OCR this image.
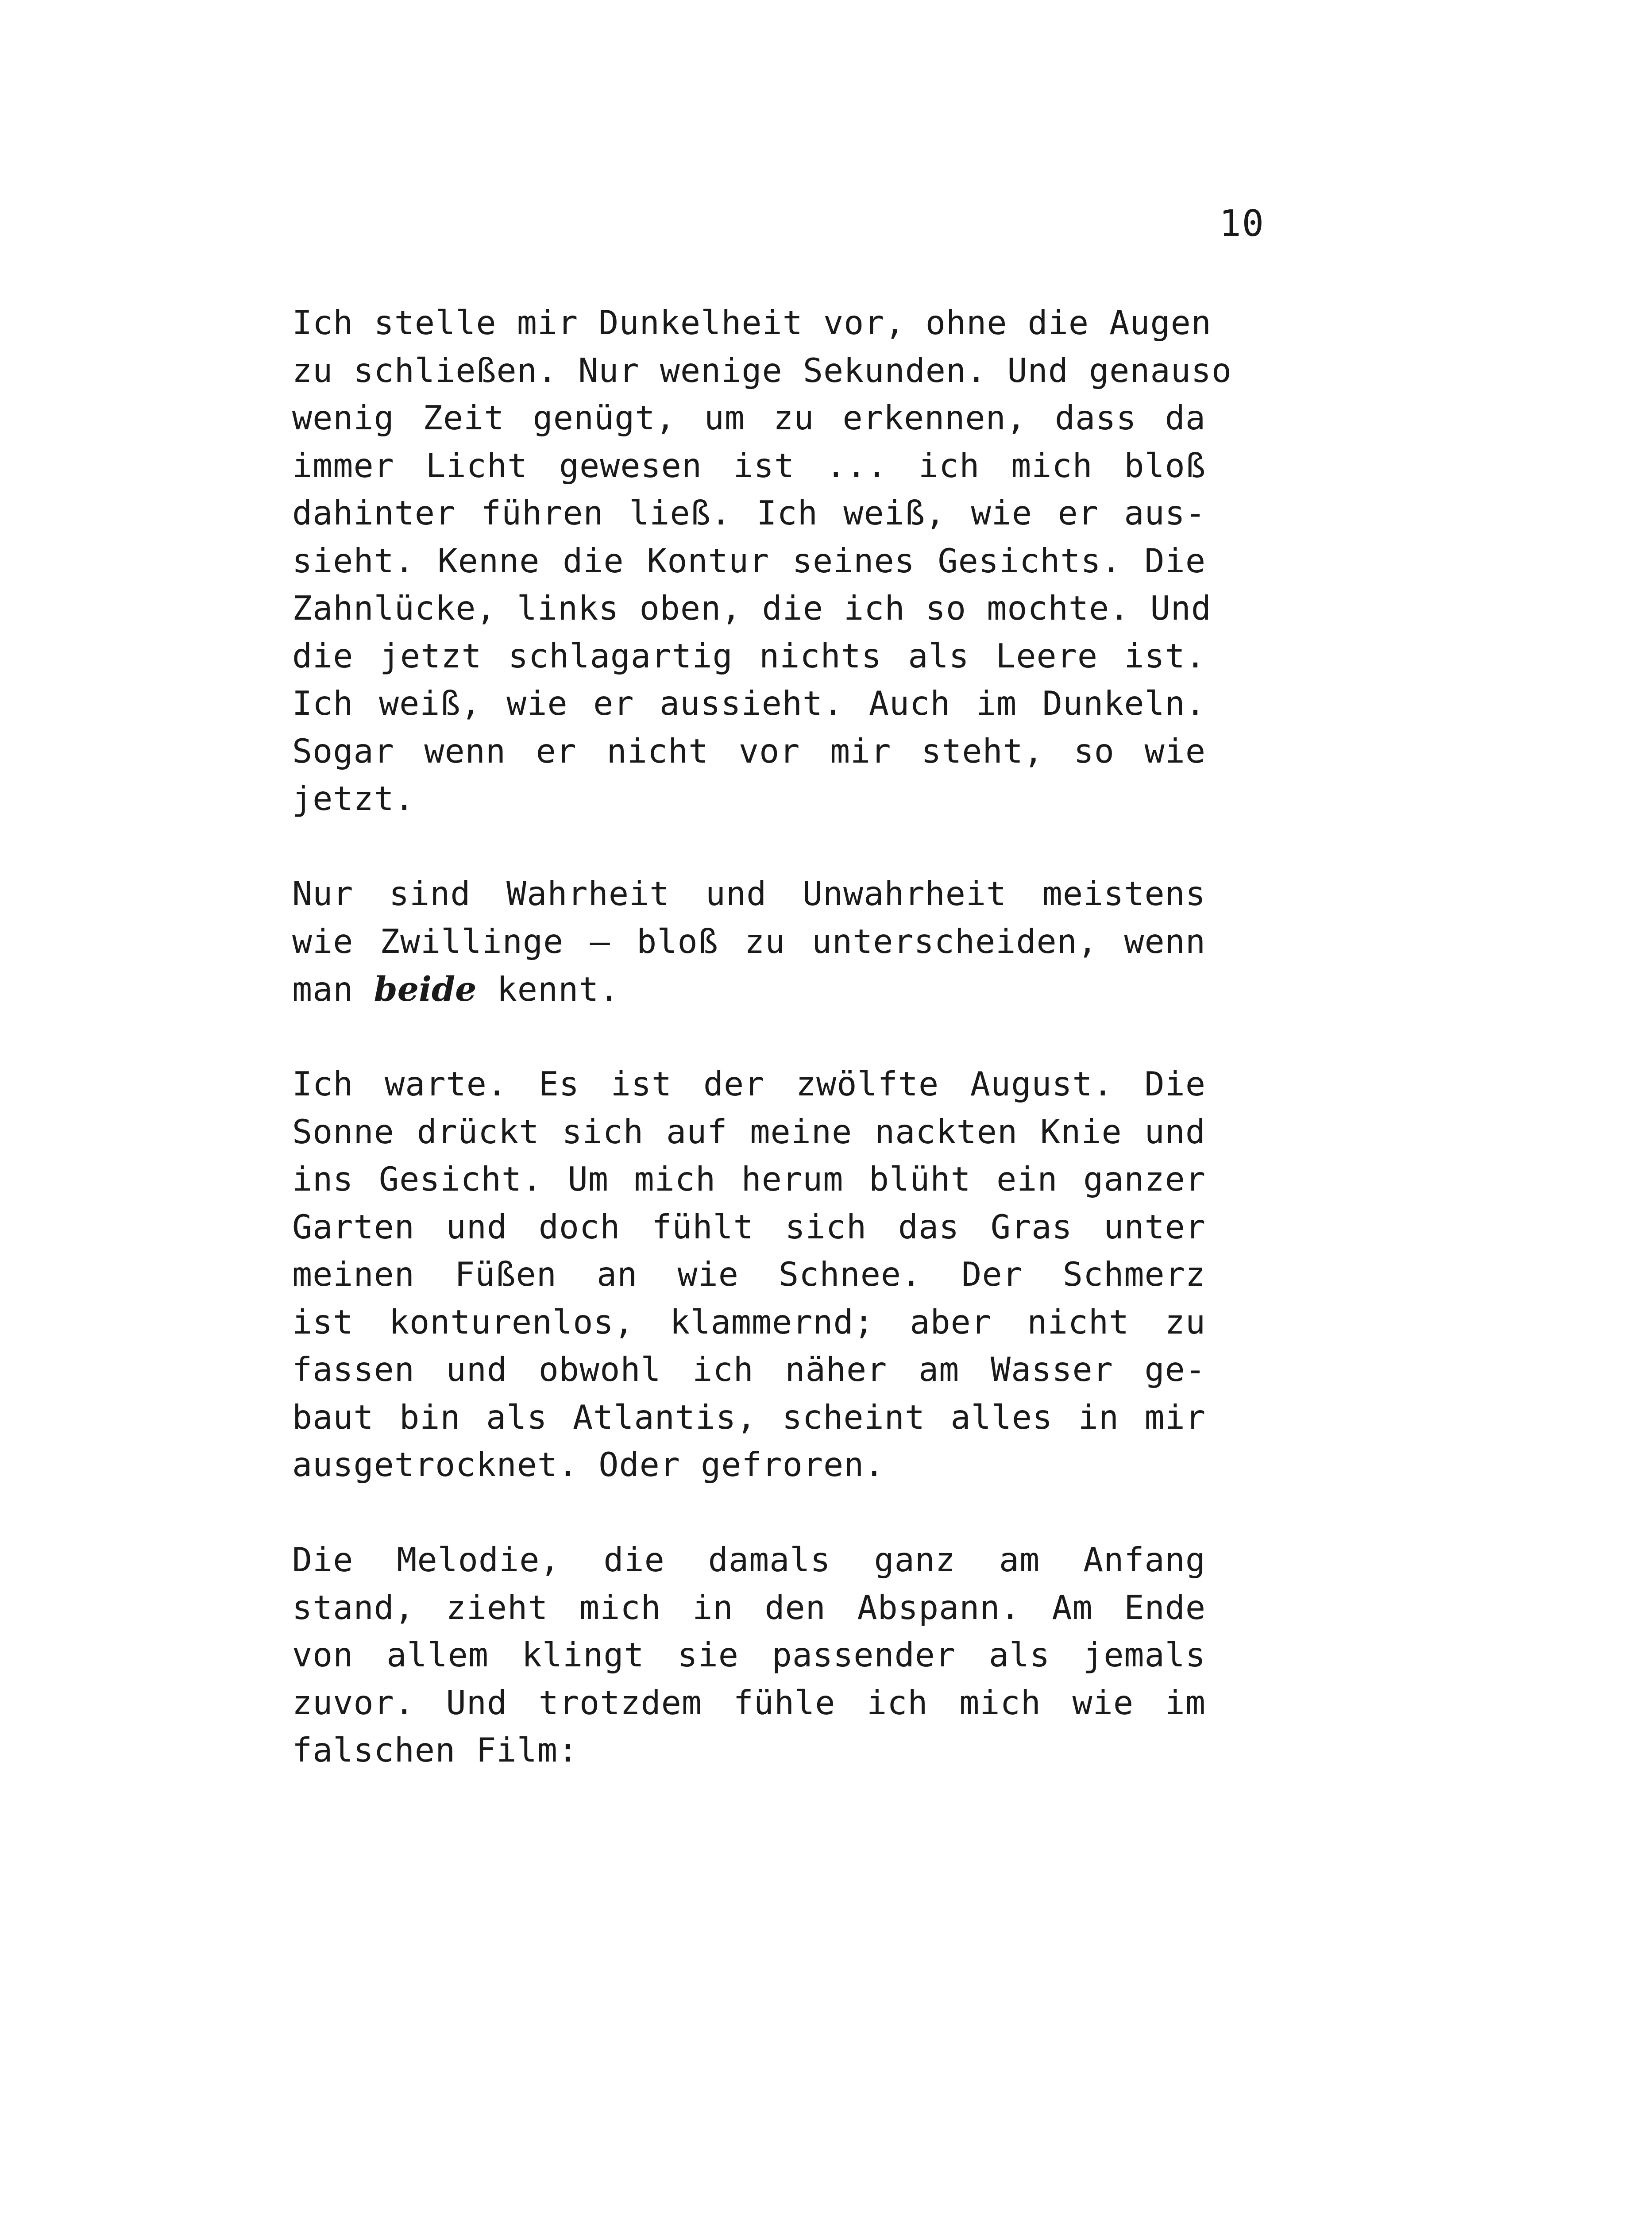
10
Ich stelle mir Dunkelheit vor, ohne die Augen
zu schließen. Nur wenige Sekunden. Und genauso
wenig Zeit genügt, um zu erkennen, dass da
immer Licht gewesen ist ... ich mich bloß
dahinter führen ließ. Ich weiß, wie er aus-
sieht. Kenne die Kontur seines Gesichts. Die
Zahnlücke, links oben, die ich so mochte. Und
die jetzt schlagartig nichts als Leere ist.
Ich weiß, wie er aussieht. Auch im Dunkeln.
Sogar wenn er nicht vor mir steht, so wie
jetzt.
Nur sind Wahrheit und Unwahrheit meistens
wie Zwillinge – bloß zu unterscheiden, wenn
man beide kennt.
Ich warte. Es ist der zwölfte August. Die
Sonne drückt sich auf meine nackten Knie und
ins Gesicht. Um mich herum blüht ein ganzer
Garten und doch fühlt sich das Gras unter
meinen Füßen an wie Schnee. Der Schmerz
ist konturenlos, klammernd; aber nicht zu
fassen und obwohl ich näher am Wasser ge-
baut bin als Atlantis, scheint alles in mir
ausgetrocknet. Oder gefroren.
Die Melodie, die damals ganz am Anfang
stand, zieht mich in den Abspann. Am Ende
von allem klingt sie passender als jemals
zuvor. Und trotzdem fühle ich mich wie im
falschen Film:
